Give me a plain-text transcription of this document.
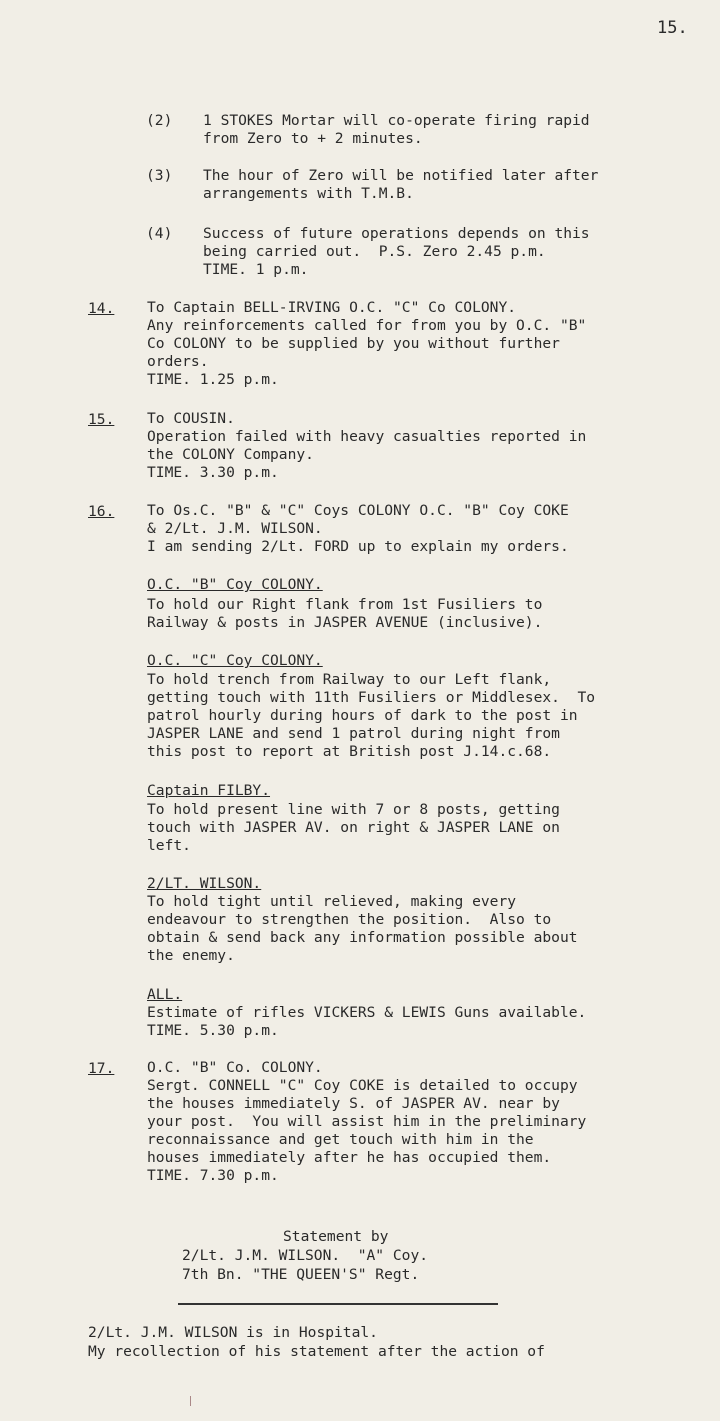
15.
(2) 1 STOKES Mortar will co-operate firing rapid
from Zero to + 2 minutes.
(3) The hour of Zero will be notified later after
arrangements with T.M.B.
(4) Success of future operations depends on this
being carried out.  P.S. Zero 2.45 p.m.
TIME. 1 p.m.
14. To Captain BELL-IRVING O.C. "C" Co COLONY.
Any reinforcements called for from you by O.C. "B"
Co COLONY to be supplied by you without further
orders.
TIME. 1.25 p.m.
15. To COUSIN.
Operation failed with heavy casualties reported in
the COLONY Company.
TIME. 3.30 p.m.
16. To Os.C. "B" & "C" Coys COLONY O.C. "B" Coy COKE
& 2/Lt. J.M. WILSON.
I am sending 2/Lt. FORD up to explain my orders.
O.C. "B" Coy COLONY.
To hold our Right flank from 1st Fusiliers to
Railway & posts in JASPER AVENUE (inclusive).
O.C. "C" Coy COLONY.
To hold trench from Railway to our Left flank,
getting touch with 11th Fusiliers or Middlesex.  To
patrol hourly during hours of dark to the post in
JASPER LANE and send 1 patrol during night from
this post to report at British post J.14.c.68.
Captain FILBY.
To hold present line with 7 or 8 posts, getting
touch with JASPER AV. on right & JASPER LANE on
left.
2/LT. WILSON.
To hold tight until relieved, making every
endeavour to strengthen the position.  Also to
obtain & send back any information possible about
the enemy.
ALL.
Estimate of rifles VICKERS & LEWIS Guns available.
TIME. 5.30 p.m.
17. O.C. "B" Co. COLONY.
Sergt. CONNELL "C" Coy COKE is detailed to occupy
the houses immediately S. of JASPER AV. near by
your post.  You will assist him in the preliminary
reconnaissance and get touch with him in the
houses immediately after he has occupied them.
TIME. 7.30 p.m.
Statement by
2/Lt. J.M. WILSON.  "A" Coy.
7th Bn. "THE QUEEN'S" Regt.
2/Lt. J.M. WILSON is in Hospital.
My recollection of his statement after the action of
